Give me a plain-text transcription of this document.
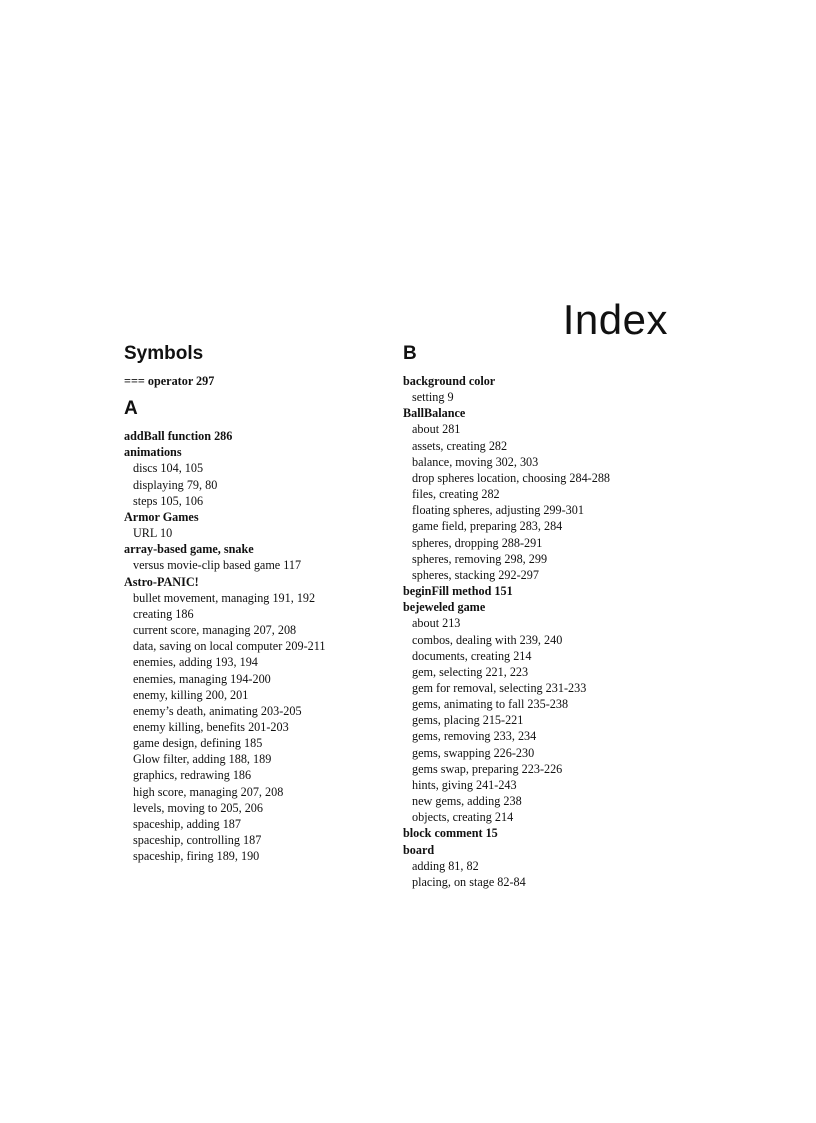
Index
Symbols
=== operator 297
A
addBall function 286
animations
discs 104, 105
displaying 79, 80
steps 105, 106
Armor Games
URL 10
array-based game, snake
versus movie-clip based game 117
Astro-PANIC!
bullet movement, managing 191, 192
creating 186
current score, managing 207, 208
data, saving on local computer 209-211
enemies, adding 193, 194
enemies, managing 194-200
enemy, killing 200, 201
enemy’s death, animating 203-205
enemy killing, benefits 201-203
game design, defining 185
Glow filter, adding 188, 189
graphics, redrawing 186
high score, managing 207, 208
levels, moving to 205, 206
spaceship, adding 187
spaceship, controlling 187
spaceship, firing 189, 190
B
background color
setting 9
BallBalance
about 281
assets, creating 282
balance, moving 302, 303
drop spheres location, choosing 284-288
files, creating 282
floating spheres, adjusting 299-301
game field, preparing 283, 284
spheres, dropping 288-291
spheres, removing 298, 299
spheres, stacking 292-297
beginFill method 151
bejeweled game
about 213
combos, dealing with 239, 240
documents, creating 214
gem, selecting 221, 223
gem for removal, selecting 231-233
gems, animating to fall 235-238
gems, placing 215-221
gems, removing 233, 234
gems, swapping 226-230
gems swap, preparing 223-226
hints, giving 241-243
new gems, adding 238
objects, creating 214
block comment 15
board
adding 81, 82
placing, on stage 82-84
